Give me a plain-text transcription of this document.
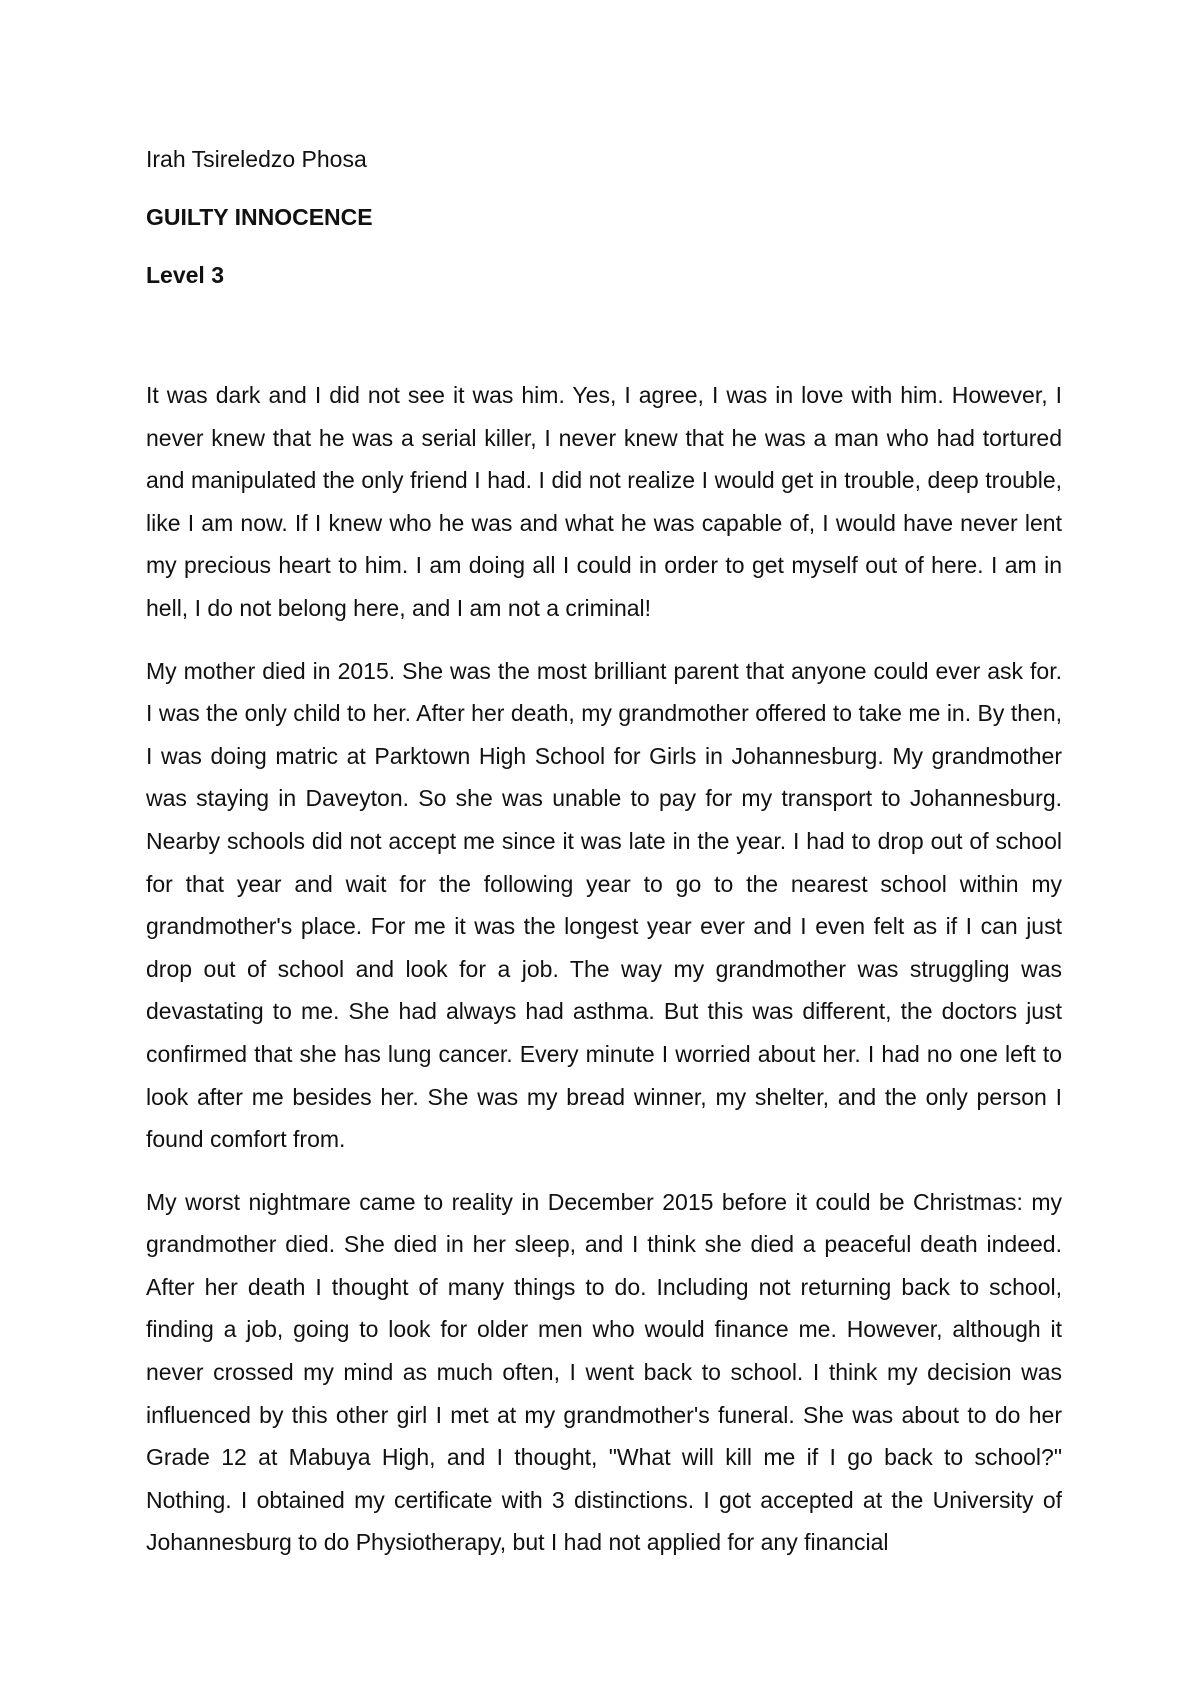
Irah Tsireledzo Phosa

GUILTY INNOCENCE
Level 3

It was dark and I did not see it was him. Yes, I agree, I was in love with him. However, I never knew that he was a serial killer, I never knew that he was a man who had tortured and manipulated the only friend I had. I did not realize I would get in trouble, deep trouble, like I am now. If I knew who he was and what he was capable of, I would have never lent my precious heart to him. I am doing all I could in order to get myself out of here. I am in hell, I do not belong here, and I am not a criminal!

My mother died in 2015. She was the most brilliant parent that anyone could ever ask for. I was the only child to her. After her death, my grandmother offered to take me in. By then, I was doing matric at Parktown High School for Girls in Johannesburg. My grandmother was staying in Daveyton. So she was unable to pay for my transport to Johannesburg. Nearby schools did not accept me since it was late in the year. I had to drop out of school for that year and wait for the following year to go to the nearest school within my grandmother's place. For me it was the longest year ever and I even felt as if I can just drop out of school and look for a job. The way my grandmother was struggling was devastating to me. She had always had asthma. But this was different, the doctors just confirmed that she has lung cancer. Every minute I worried about her. I had no one left to look after me besides her. She was my bread winner, my shelter, and the only person I found comfort from.

My worst nightmare came to reality in December 2015 before it could be Christmas: my grandmother died. She died in her sleep, and I think she died a peaceful death indeed. After her death I thought of many things to do. Including not returning back to school, finding a job, going to look for older men who would finance me. However, although it never crossed my mind as much often, I went back to school. I think my decision was influenced by this other girl I met at my grandmother's funeral. She was about to do her Grade 12 at Mabuya High, and I thought, "What will kill me if I go back to school?" Nothing. I obtained my certificate with 3 distinctions. I got accepted at the University of Johannesburg to do Physiotherapy, but I had not applied for any financial
